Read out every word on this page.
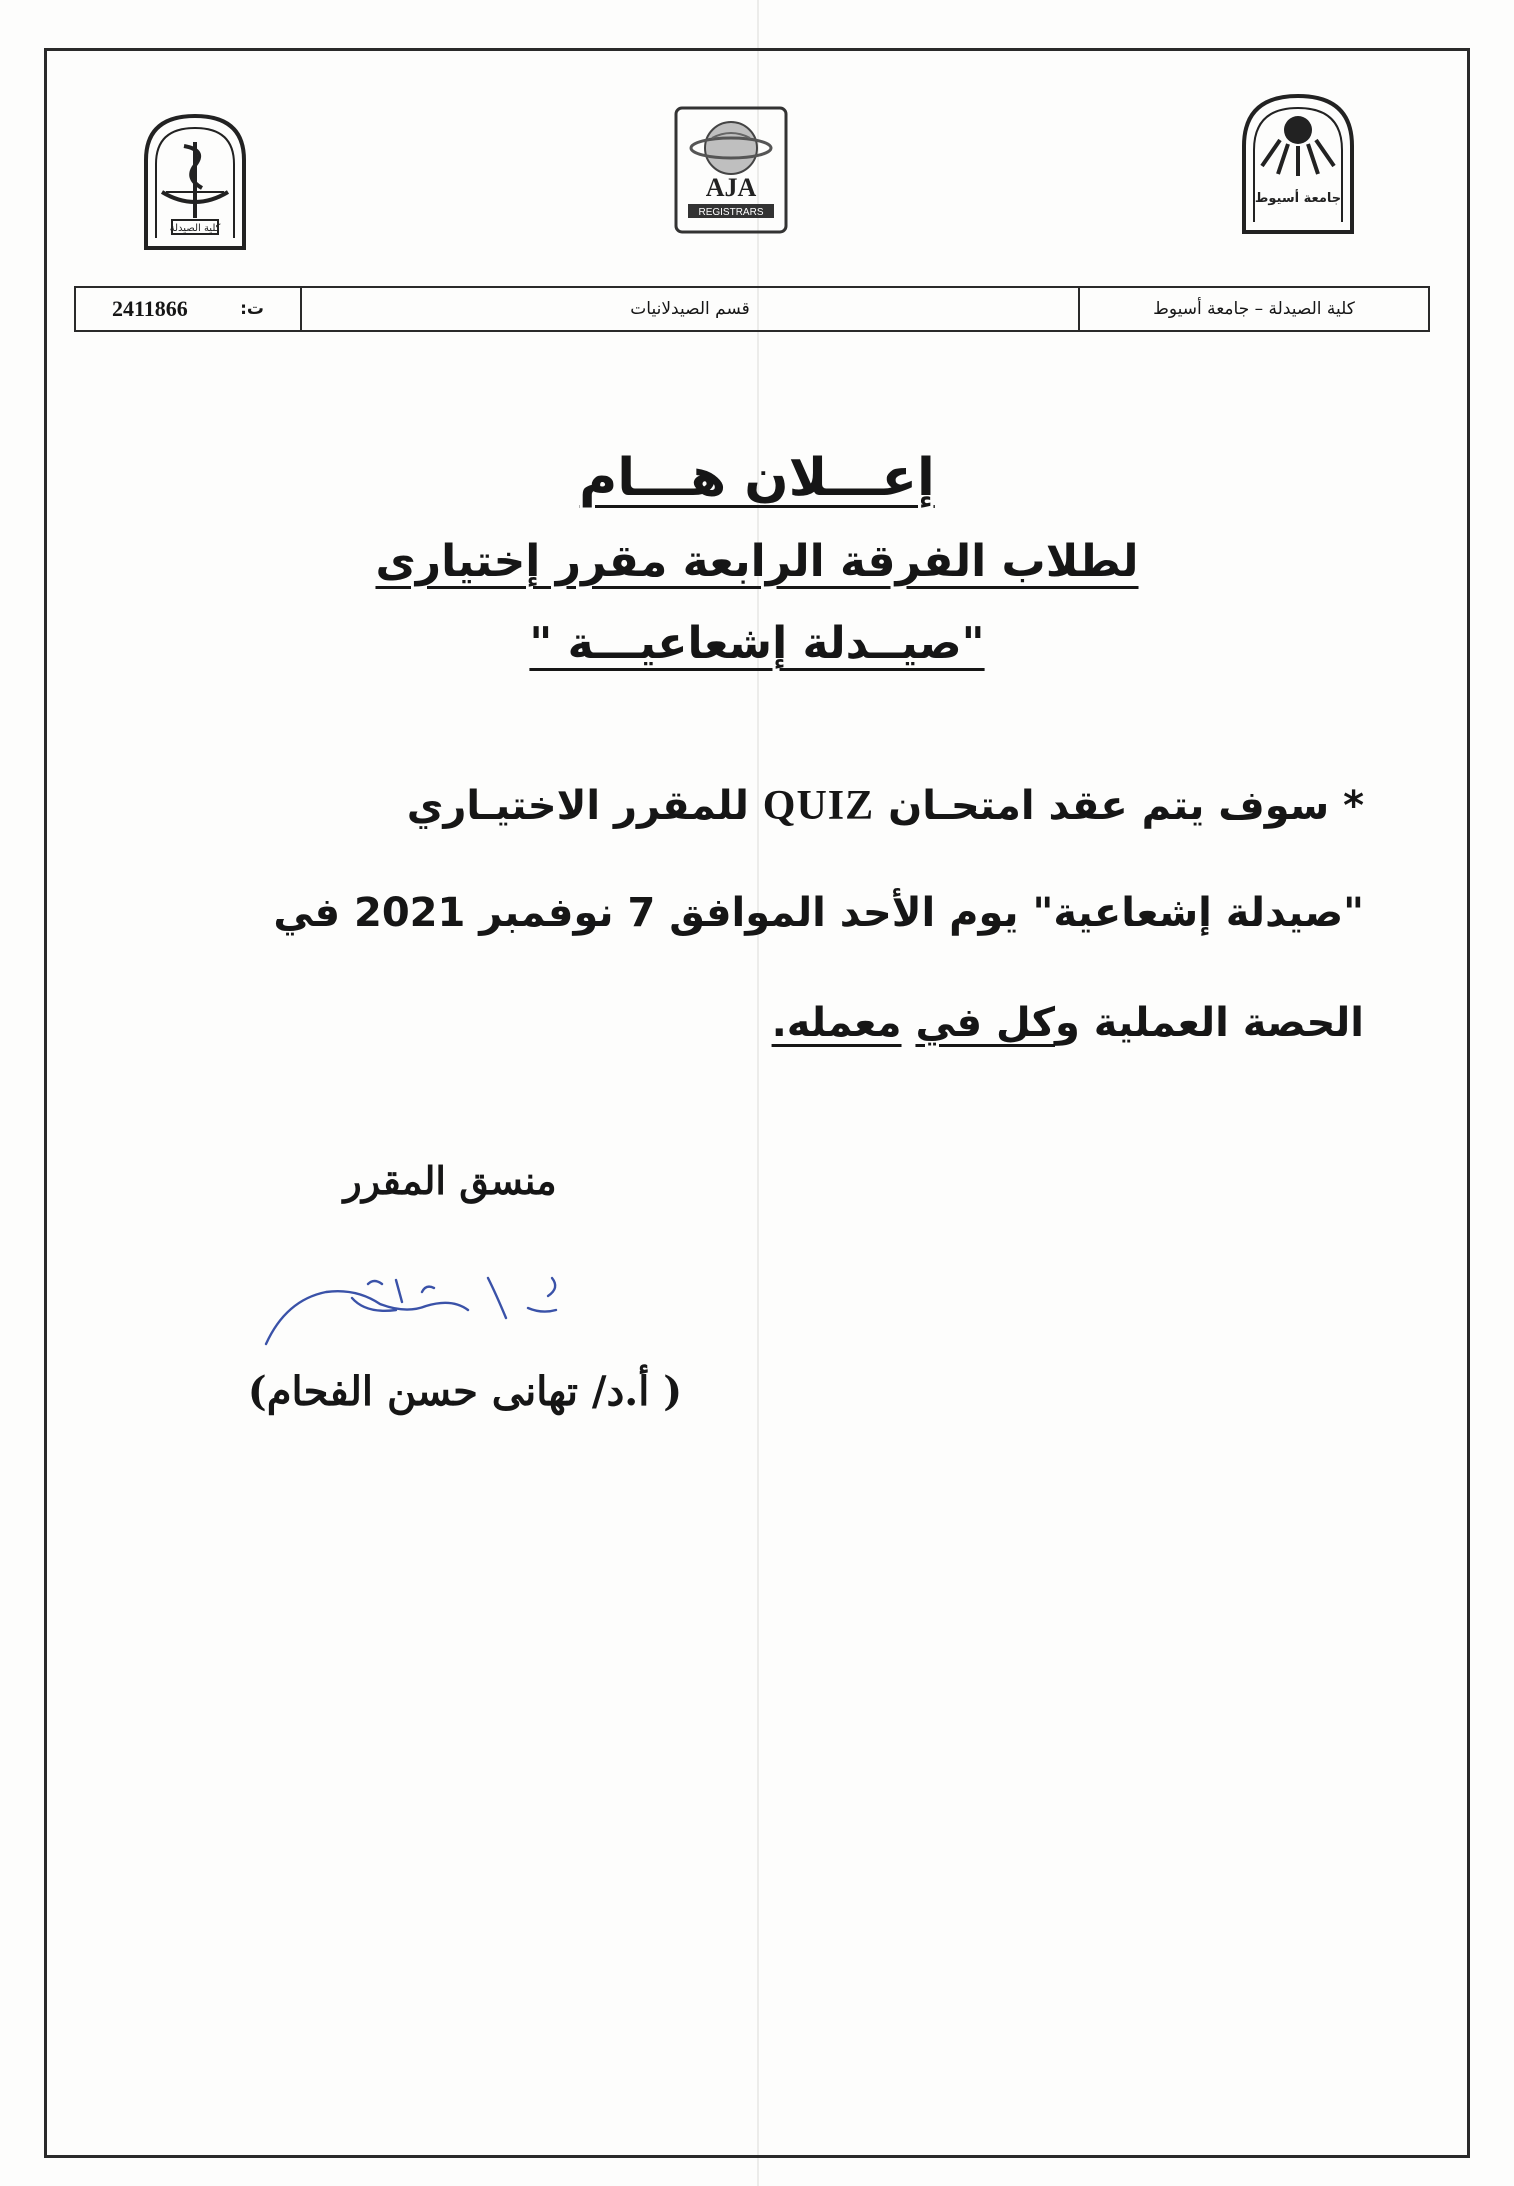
كلية الصيدلة
AJA
REGISTRARS
جامعة أسيوط
كلية الصيدلة – جامعة أسيوط
قسم الصيدلانيات
ت:
2411866
إعـــلان هـــام
لطلاب الفرقة الرابعة مقرر إختيارى
"صيــدلة إشعاعيـــة "
* سوف يتم عقد امتحـان QUIZ للمقرر الاختيـاري
"صيدلة إشعاعية" يوم الأحد الموافق 7 نوفمبر 2021 في
الحصة العملية وكل في معمله.
منسق المقرر
( أ.د/ تهانى حسن الفحام)
